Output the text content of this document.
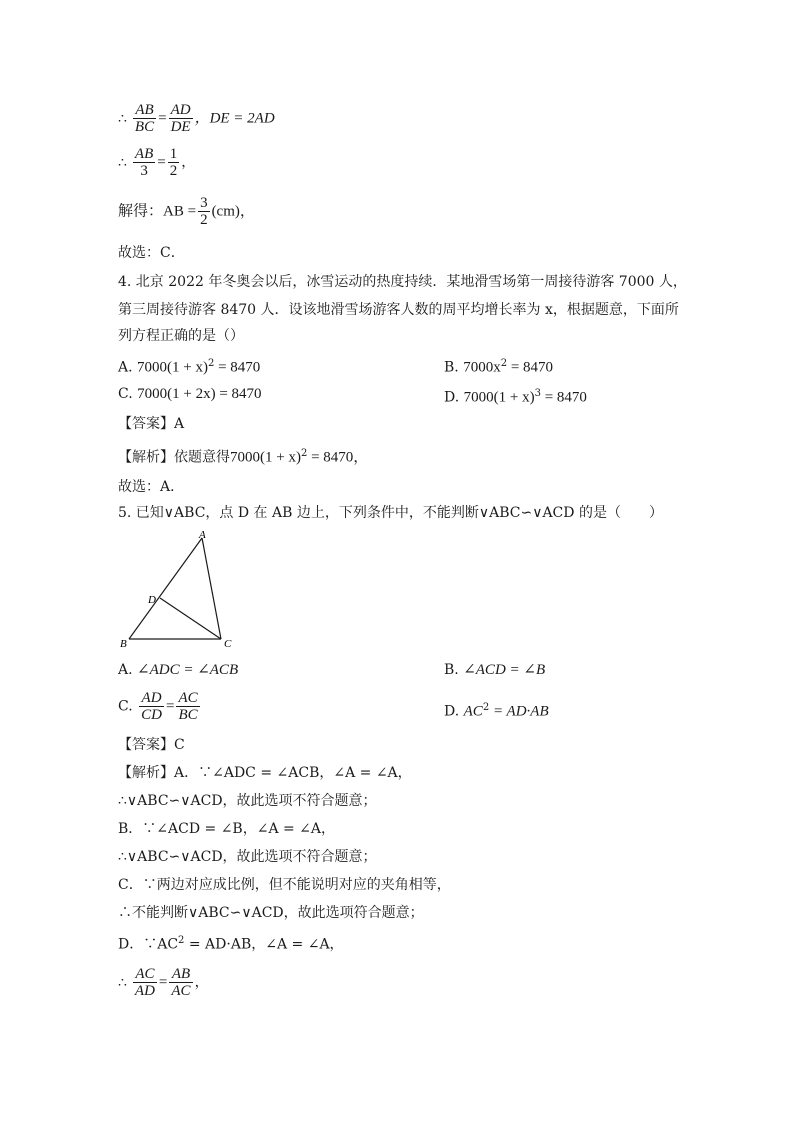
∴ $\frac{AB}{BC} = \frac{AD}{DE}$ ，DE = 2AD
∴ $\frac{AB}{3} = \frac{1}{2}$ ，
解得：AB = $\frac{3}{2} (cm)$，
故选：C．
4. 北京 2022 年冬奥会以后，冰雪运动的热度持续．某地滑雪场第一周接待游客 7000 人，
第三周接待游客 8470 人．设该地滑雪场游客人数的周平均增长率为 x，根据题意，下面所
列方程正确的是（）
A. $7000(1 + x)^2 = 8470$	B. $7000x^2 = 8470$
C. 7000(1 + 2x) = 8470	D. $7000(1 + x)^3 = 8470$
【答案】A
【解析】依题意得$7000(1 + x)^2 = 8470$，
故选：A．
5. 已知∨ABC，点 D 在 AB 边上，下列条件中，不能判断∨ABC∽∨ACD 的是（　　）
A
D
B	C
A. ∠ADC = ∠ACB	B. ∠ACD = ∠B
C. $\frac{AD}{CD} = \frac{AC}{BC}$	D. $AC^2 = AD\cdot AB$
【答案】C
【解析】A．∵∠ADC = ∠ACB，∠A = ∠A，
∴∨ABC∽∨ACD，故此选项不符合题意；
B．∵∠ACD = ∠B，∠A = ∠A，
∴∨ABC∽∨ACD，故此选项不符合题意；
C．∵两边对应成比例，但不能说明对应的夹角相等，
∴不能判断∨ABC∽∨ACD，故此选项符合题意；
D．$\because AC^2 = AD\cdot AB$，∠A = ∠A，
∴ $\frac{AC}{AD} = \frac{AB}{AC}$ ，
